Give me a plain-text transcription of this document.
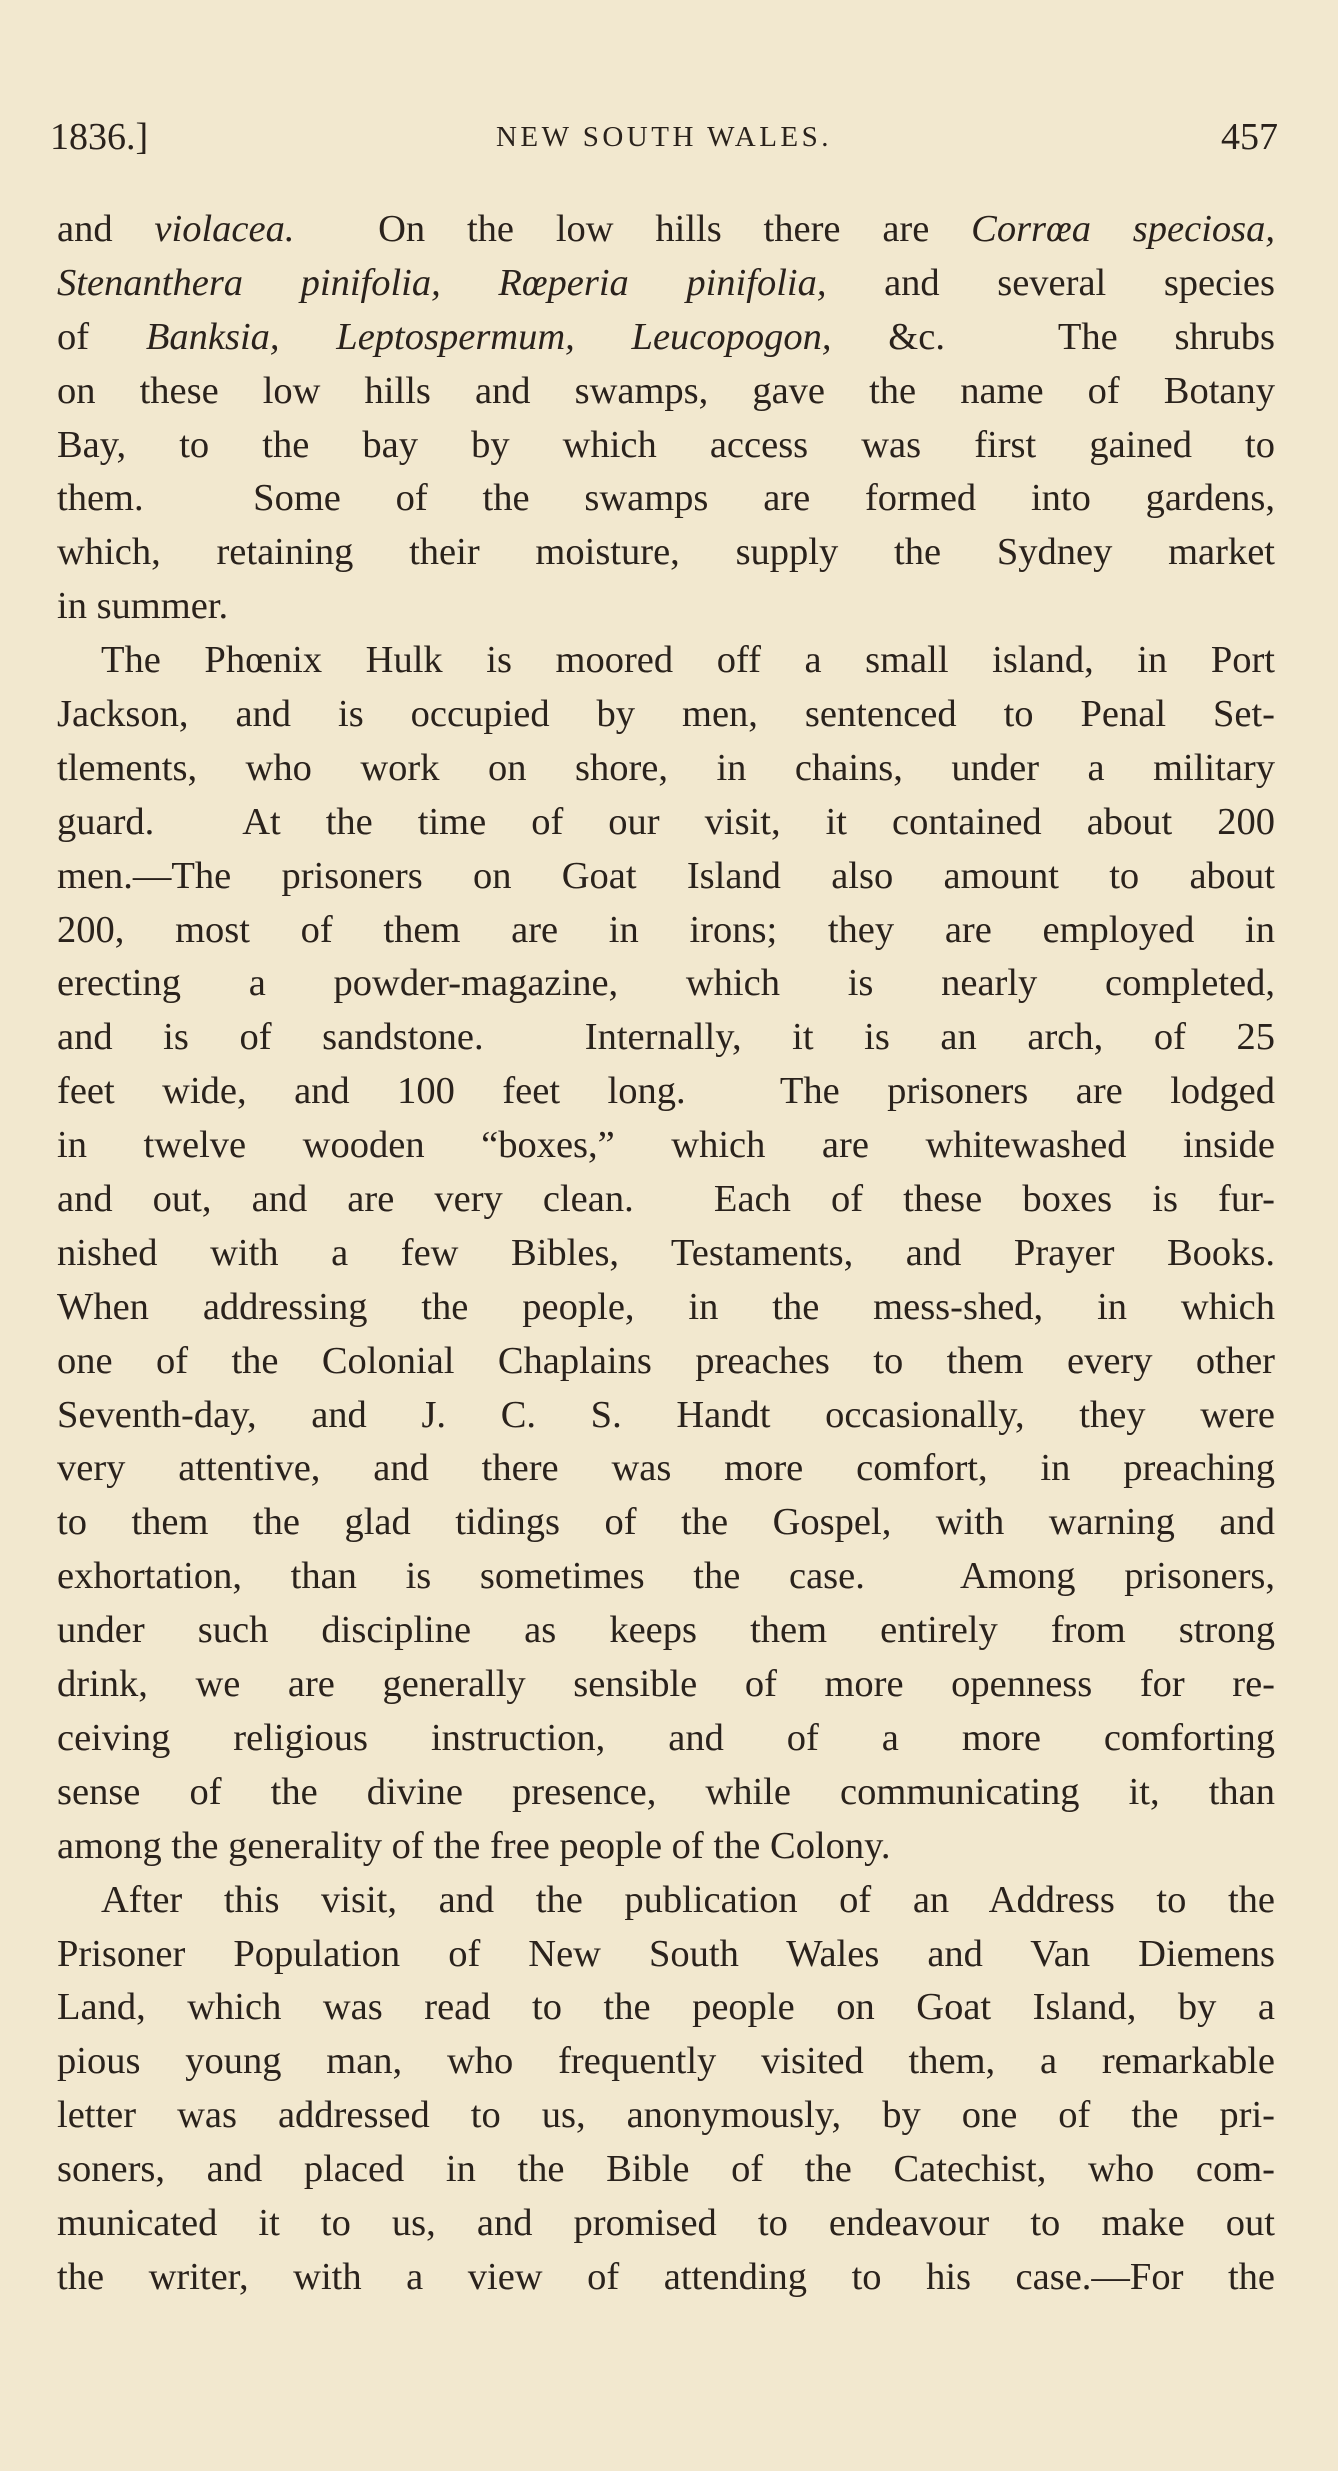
1836.]	NEW SOUTH WALES.	457
and violacea.  On the low hills there are Corrœa speciosa,
Stenanthera pinifolia, Rœperia pinifolia, and several species
of Banksia, Leptospermum, Leucopogon, &c.  The shrubs
on these low hills and swamps, gave the name of Botany
Bay, to the bay by which access was first gained to
them.  Some of the swamps are formed into gardens,
which, retaining their moisture, supply the Sydney market
in summer.
The Phœnix Hulk is moored off a small island, in Port
Jackson, and is occupied by men, sentenced to Penal Set-
tlements, who work on shore, in chains, under a military
guard.  At the time of our visit, it contained about 200
men.—The prisoners on Goat Island also amount to about
200, most of them are in irons; they are employed in
erecting a powder-magazine, which is nearly completed,
and is of sandstone.  Internally, it is an arch, of 25
feet wide, and 100 feet long.  The prisoners are lodged
in twelve wooden “boxes,” which are whitewashed inside
and out, and are very clean.  Each of these boxes is fur-
nished with a few Bibles, Testaments, and Prayer Books.
When addressing the people, in the mess-shed, in which
one of the Colonial Chaplains preaches to them every other
Seventh-day, and J. C. S. Handt occasionally, they were
very attentive, and there was more comfort, in preaching
to them the glad tidings of the Gospel, with warning and
exhortation, than is sometimes the case.  Among prisoners,
under such discipline as keeps them entirely from strong
drink, we are generally sensible of more openness for re-
ceiving religious instruction, and of a more comforting
sense of the divine presence, while communicating it, than
among the generality of the free people of the Colony.
After this visit, and the publication of an Address to the
Prisoner Population of New South Wales and Van Diemens
Land, which was read to the people on Goat Island, by a
pious young man, who frequently visited them, a remarkable
letter was addressed to us, anonymously, by one of the pri-
soners, and placed in the Bible of the Catechist, who com-
municated it to us, and promised to endeavour to make out
the writer, with a view of attending to his case.—For the
